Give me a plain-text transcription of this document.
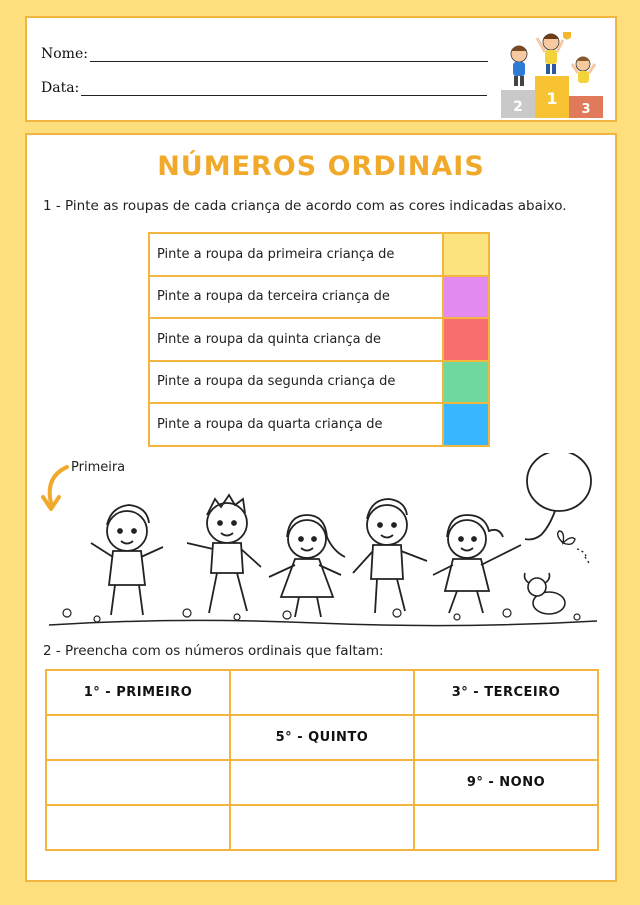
Nome:
Data:
2 1
3
NÚMEROS ORDINAIS
1 - Pinte as roupas de cada criança de acordo com as cores indicadas abaixo.
Pinte a roupa da primeira criança de	
Pinte a roupa da terceira criança de	
Pinte a roupa da quinta criança de	
Pinte a roupa da segunda criança de	
Pinte a roupa da quarta criança de	
Primeira
2 - Preencha com os números ordinais que faltam:
1° - PRIMEIRO		3° - TERCEIRO
	5° - QUINTO	
		9° - NONO
